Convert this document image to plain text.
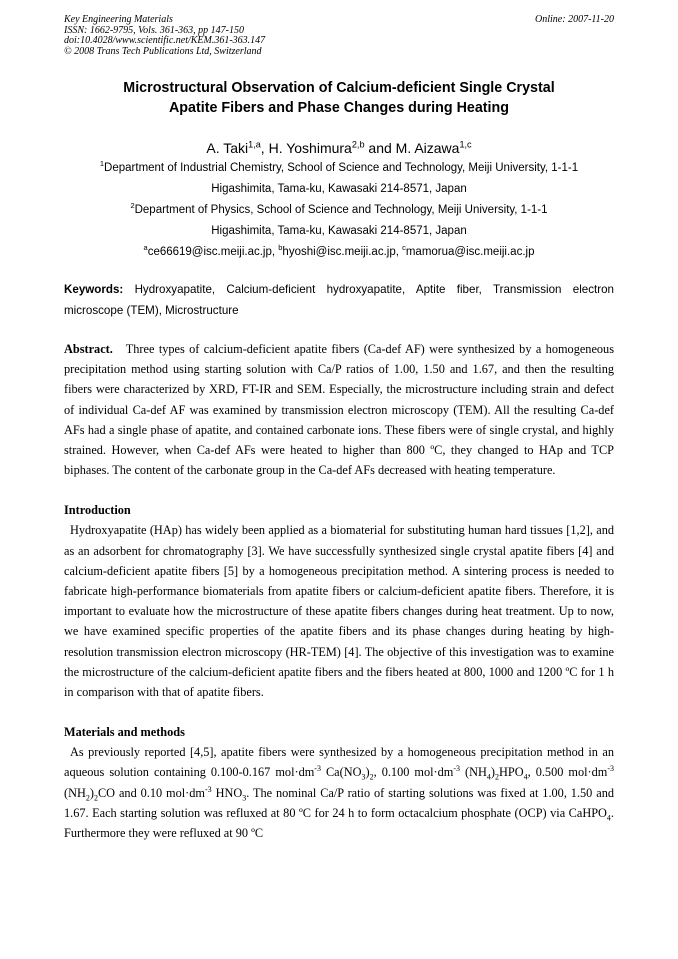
Key Engineering Materials	Online: 2007-11-20
ISSN: 1662-9795, Vols. 361-363, pp 147-150
doi:10.4028/www.scientific.net/KEM.361-363.147
© 2008 Trans Tech Publications Ltd, Switzerland
Microstructural Observation of Calcium-deficient Single Crystal
Apatite Fibers and Phase Changes during Heating
A. Taki$^{1,a}$, H. Yoshimura$^{2,b}$ and M. Aizawa$^{1,c}$
$^1$Department of Industrial Chemistry, School of Science and Technology, Meiji University, 1-1-1
Higashimita, Tama-ku, Kawasaki 214-8571, Japan
$^2$Department of Physics, School of Science and Technology, Meiji University, 1-1-1
Higashimita, Tama-ku, Kawasaki 214-8571, Japan
$^a$ce66619@isc.meiji.ac.jp, $^b$hyoshi@isc.meiji.ac.jp, $^c$mamorua@isc.meiji.ac.jp
Keywords: Hydroxyapatite, Calcium-deficient hydroxyapatite, Aptite fiber, Transmission electron microscope (TEM), Microstructure
Abstract. Three types of calcium-deficient apatite fibers (Ca-def AF) were synthesized by a homogeneous precipitation method using starting solution with Ca/P ratios of 1.00, 1.50 and 1.67, and then the resulting fibers were characterized by XRD, FT-IR and SEM. Especially, the microstructure including strain and defect of individual Ca-def AF was examined by transmission electron microscopy (TEM). All the resulting Ca-def AFs had a single phase of apatite, and contained carbonate ions. These fibers were of single crystal, and highly strained. However, when Ca-def AFs were heated to higher than 800 ºC, they changed to HAp and TCP biphases. The content of the carbonate group in the Ca-def AFs decreased with heating temperature.
Introduction
Hydroxyapatite (HAp) has widely been applied as a biomaterial for substituting human hard tissues [1,2], and as an adsorbent for chromatography [3]. We have successfully synthesized single crystal apatite fibers [4] and calcium-deficient apatite fibers [5] by a homogeneous precipitation method. A sintering process is needed to fabricate high-performance biomaterials from apatite fibers or calcium-deficient apatite fibers. Therefore, it is important to evaluate how the microstructure of these apatite fibers changes during heat treatment. Up to now, we have examined specific properties of the apatite fibers and its phase changes during heating by high-resolution transmission electron microscopy (HR-TEM) [4]. The objective of this investigation was to examine the microstructure of the calcium-deficient apatite fibers and the fibers heated at 800, 1000 and 1200 ºC for 1 h in comparison with that of apatite fibers.
Materials and methods
As previously reported [4,5], apatite fibers were synthesized by a homogeneous precipitation method in an aqueous solution containing 0.100-0.167 $mol\cdot dm^{-3}$ $Ca(NO_3)_2$, 0.100 $mol\cdot dm^{-3}$ $(NH_4)_2HPO_4$, 0.500 $mol\cdot dm^{-3}$ $(NH_2)_2CO$ and 0.10 $mol\cdot dm^{-3}$ $HNO_3$. The nominal Ca/P ratio of starting solutions was fixed at 1.00, 1.50 and 1.67. Each starting solution was refluxed at 80 ºC for 24 h to form octacalcium phosphate (OCP) via CaHPO$_4$. Furthermore they were refluxed at 90 ºC
